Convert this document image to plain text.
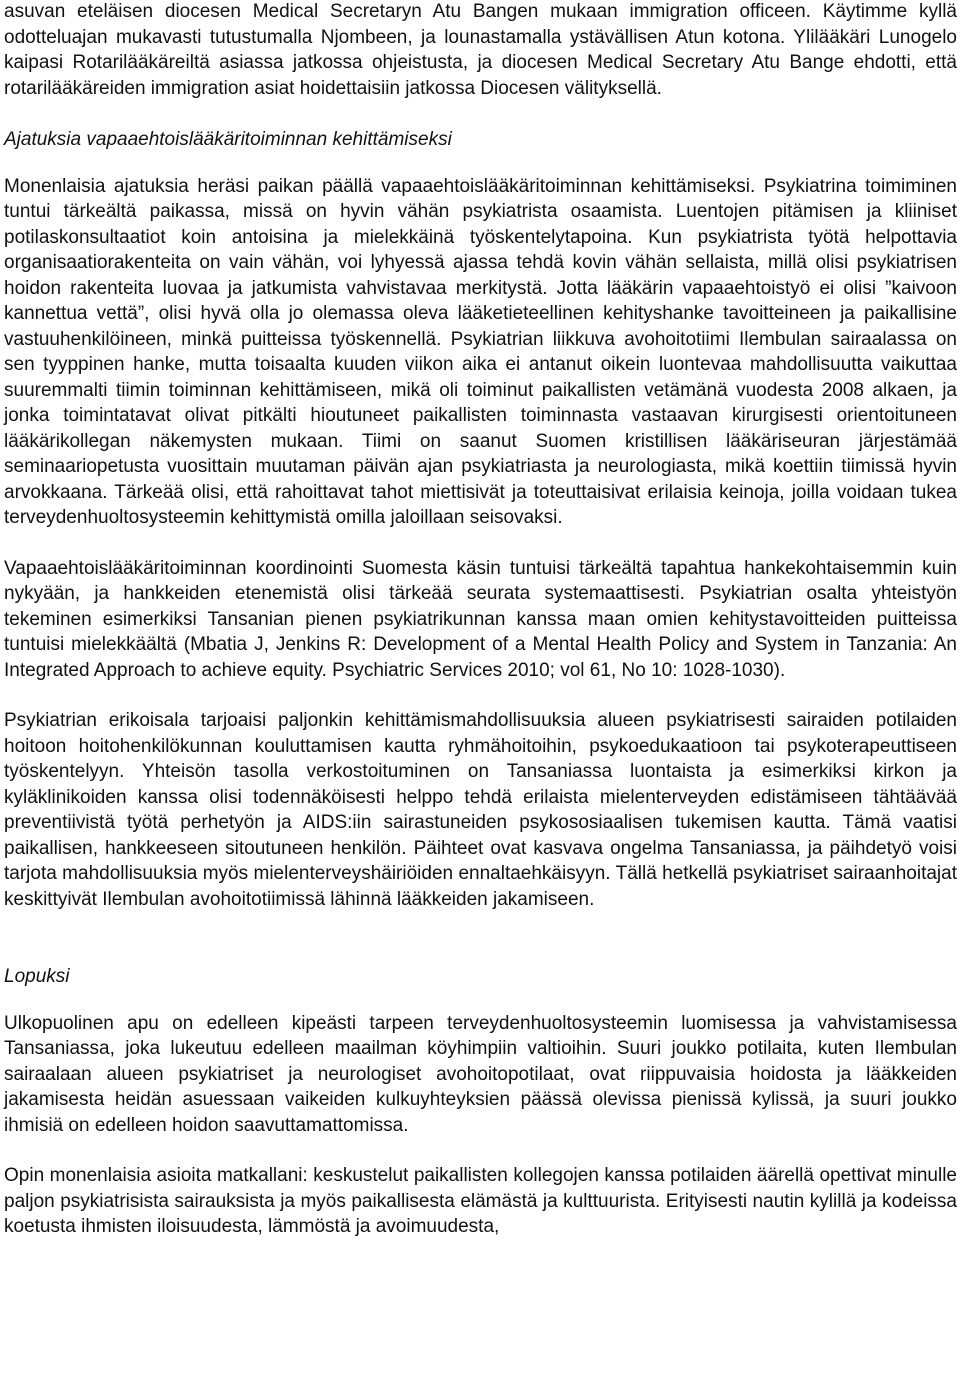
asuvan eteläisen diocesen Medical Secretaryn Atu Bangen mukaan immigration officeen. Käytimme kyllä odotteluajan mukavasti tutustumalla Njombeen, ja lounastamalla ystävällisen Atun kotona. Ylilääkäri Lunogelo kaipasi Rotarilääkäreiltä asiassa jatkossa ohjeistusta, ja diocesen Medical Secretary Atu Bange ehdotti, että rotarilääkäreiden immigration asiat hoidettaisiin jatkossa Diocesen välityksellä.

Ajatuksia vapaaehtoislääkäritoiminnan kehittämiseksi

Monenlaisia ajatuksia heräsi paikan päällä vapaaehtoislääkäritoiminnan kehittämiseksi. Psykiatrina toimiminen tuntui tärkeältä paikassa, missä on hyvin vähän psykiatrista osaamista. Luentojen pitämisen ja kliiniset potilaskonsultaatiot koin antoisina ja mielekkäinä työskentelytapoina. Kun psykiatrista työtä helpottavia organisaatiorakenteita on vain vähän, voi lyhyessä ajassa tehdä kovin vähän sellaista, millä olisi psykiatrisen hoidon rakenteita luovaa ja jatkumista vahvistavaa merkitystä. Jotta lääkärin vapaaehtoistyö ei olisi ”kaivoon kannettua vettä”, olisi hyvä olla jo olemassa oleva lääketieteellinen kehityshanke tavoitteineen ja paikallisine vastuuhenkilöineen, minkä puitteissa työskennellä. Psykiatrian liikkuva avohoitotiimi Ilembulan sairaalassa on sen tyyppinen hanke, mutta toisaalta kuuden viikon aika ei antanut oikein luontevaa mahdollisuutta vaikuttaa suuremmalti tiimin toiminnan kehittämiseen, mikä oli toiminut paikallisten vetämänä vuodesta 2008 alkaen, ja jonka toimintatavat olivat pitkälti hioutuneet paikallisten toiminnasta vastaavan kirurgisesti orientoituneen lääkärikollegan näkemysten mukaan. Tiimi on saanut Suomen kristillisen lääkäriseuran järjestämää seminaariopetusta vuosittain muutaman päivän ajan psykiatriasta ja neurologiasta, mikä koettiin tiimissä hyvin arvokkaana. Tärkeää olisi, että rahoittavat tahot miettisivät ja toteuttaisivat erilaisia keinoja, joilla voidaan tukea terveydenhuoltosysteemin kehittymistä omilla jaloillaan seisovaksi.

Vapaaehtoislääkäritoiminnan koordinointi Suomesta käsin tuntuisi tärkeältä tapahtua hankekohtaisemmin kuin nykyään, ja hankkeiden etenemistä olisi tärkeää seurata systemaattisesti. Psykiatrian osalta yhteistyön tekeminen esimerkiksi Tansanian pienen psykiatrikunnan kanssa maan omien kehitystavoitteiden puitteissa tuntuisi mielekkäältä (Mbatia J, Jenkins R: Development of a Mental Health Policy and System in Tanzania: An Integrated Approach to achieve equity. Psychiatric Services 2010; vol 61, No 10: 1028-1030).

Psykiatrian erikoisala tarjoaisi paljonkin kehittämismahdollisuuksia alueen psykiatrisesti sairaiden potilaiden hoitoon hoitohenkilökunnan kouluttamisen kautta ryhmähoitoihin, psykoedukaatioon tai psykoterapeuttiseen työskentelyyn. Yhteisön tasolla verkostoituminen on Tansaniassa luontaista ja esimerkiksi kirkon ja kyläklinikoiden kanssa olisi todennäköisesti helppo tehdä erilaista mielenterveyden edistämiseen tähtäävää preventiivistä työtä perhetyön ja AIDS:iin sairastuneiden psykososiaalisen tukemisen kautta. Tämä vaatisi paikallisen, hankkeeseen sitoutuneen henkilön. Päihteet ovat kasvava ongelma Tansaniassa, ja päihdetyö voisi tarjota mahdollisuuksia myös mielenterveyshäiriöiden ennaltaehkäisyyn. Tällä hetkellä psykiatriset sairaanhoitajat keskittyivät Ilembulan avohoitotiimissä lähinnä lääkkeiden jakamiseen.

Lopuksi

Ulkopuolinen apu on edelleen kipeästi tarpeen terveydenhuoltosysteemin luomisessa ja vahvistamisessa Tansaniassa, joka lukeutuu edelleen maailman köyhimpiin valtioihin. Suuri joukko potilaita, kuten Ilembulan sairaalaan alueen psykiatriset ja neurologiset avohoitopotilaat, ovat riippuvaisia hoidosta ja lääkkeiden jakamisesta heidän asuessaan vaikeiden kulkuyhteyksien päässä olevissa pienissä kylissä, ja suuri joukko ihmisiä on edelleen hoidon saavuttamattomissa.

Opin monenlaisia asioita matkallani: keskustelut paikallisten kollegojen kanssa potilaiden äärellä opettivat minulle paljon psykiatrisista sairauksista ja myös paikallisesta elämästä ja kulttuurista. Erityisesti nautin kylillä ja kodeissa koetusta ihmisten iloisuudesta, lämmöstä ja avoimuudesta,
